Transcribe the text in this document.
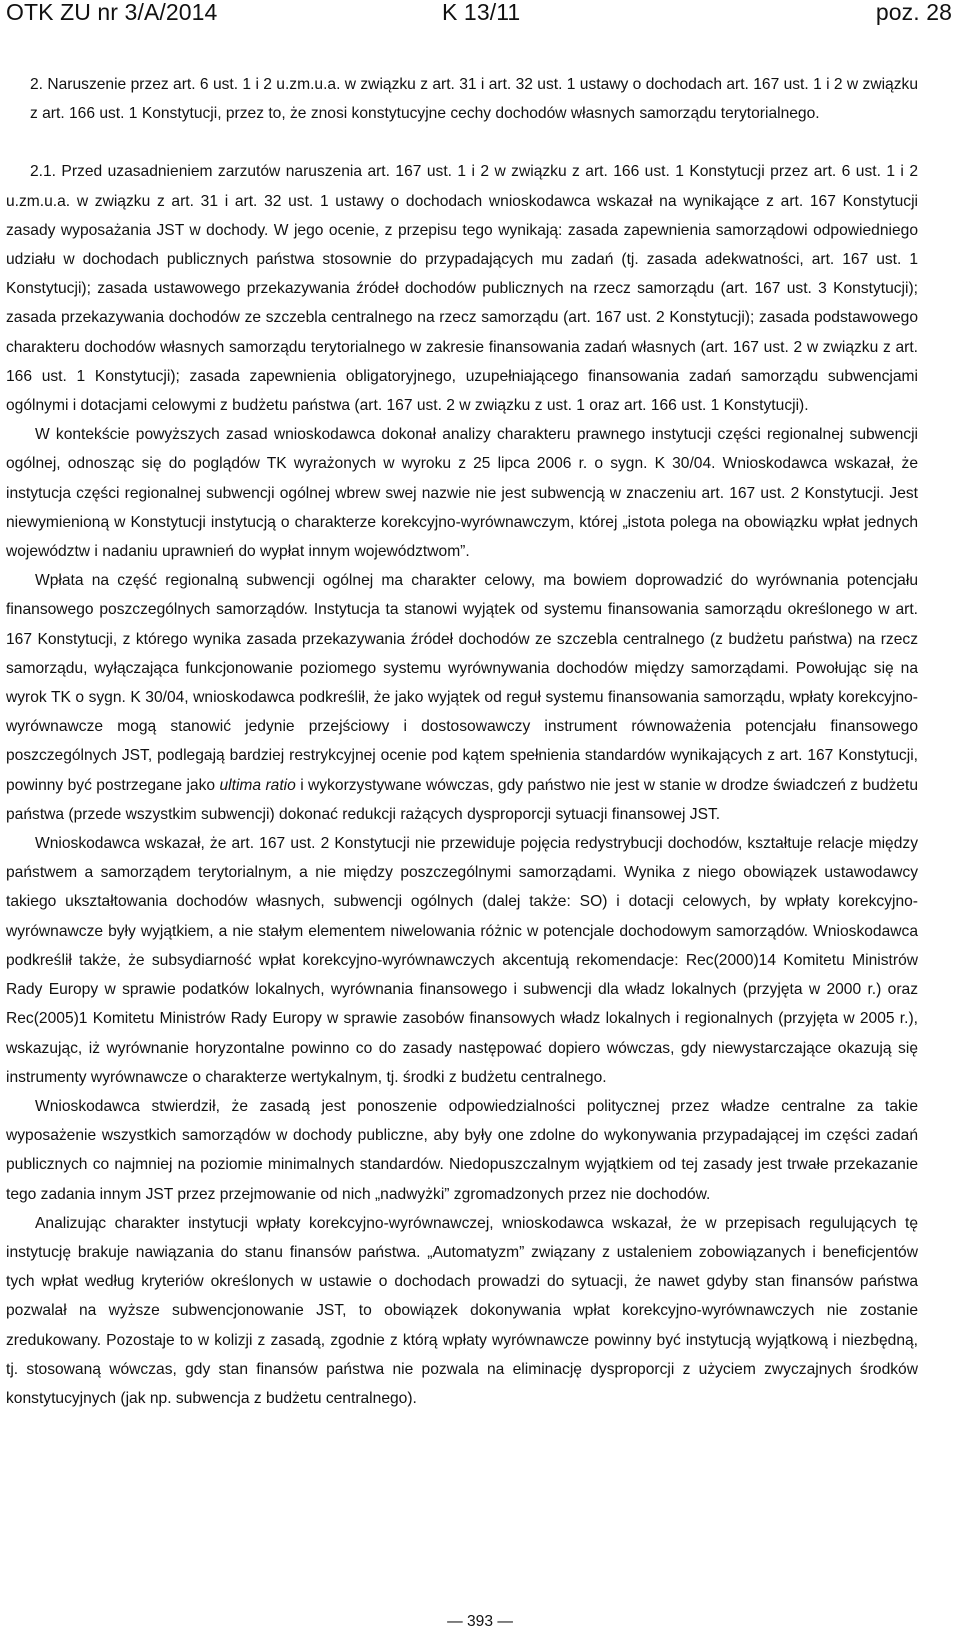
OTK ZU nr 3/A/2014	K 13/11	poz. 28

2. Naruszenie przez art. 6 ust. 1 i 2 u.zm.u.a. w związku z art. 31 i art. 32 ust. 1 ustawy o dochodach art. 167 ust. 1 i 2 w związku z art. 166 ust. 1 Konstytucji, przez to, że znosi konstytucyjne cechy dochodów własnych samorządu terytorialnego.

2.1. Przed uzasadnieniem zarzutów naruszenia art. 167 ust. 1 i 2 w związku z art. 166 ust. 1 Konstytucji przez art. 6 ust. 1 i 2 u.zm.u.a. w związku z art. 31 i art. 32 ust. 1 ustawy o dochodach wnioskodawca wskazał na wynikające z art. 167 Konstytucji zasady wyposażania JST w dochody. W jego ocenie, z przepisu tego wynikają: zasada zapewnienia samorządowi odpowiedniego udziału w dochodach publicznych państwa stosownie do przypadających mu zadań (tj. zasada adekwatności, art. 167 ust. 1 Konstytucji); zasada ustawowego przekazywania źródeł dochodów publicznych na rzecz samorządu (art. 167 ust. 3 Konstytucji); zasada przekazywania dochodów ze szczebla centralnego na rzecz samorządu (art. 167 ust. 2 Konstytucji); zasada podstawowego charakteru dochodów własnych samorządu terytorialnego w zakresie finansowania zadań własnych (art. 167 ust. 2 w związku z art. 166 ust. 1 Konstytucji); zasada zapewnienia obligatoryjnego, uzupełniającego finansowania zadań samorządu subwencjami ogólnymi i dotacjami celowymi z budżetu państwa (art. 167 ust. 2 w związku z ust. 1 oraz art. 166 ust. 1 Konstytucji).

W kontekście powyższych zasad wnioskodawca dokonał analizy charakteru prawnego instytucji części regionalnej subwencji ogólnej, odnosząc się do poglądów TK wyrażonych w wyroku z 25 lipca 2006 r. o sygn. K 30/04. Wnioskodawca wskazał, że instytucja części regionalnej subwencji ogólnej wbrew swej nazwie nie jest subwencją w znaczeniu art. 167 ust. 2 Konstytucji. Jest niewymienioną w Konstytucji instytucją o charakterze korekcyjno-wyrównawczym, której „istota polega na obowiązku wpłat jednych województw i nadaniu uprawnień do wypłat innym województwom”.

Wpłata na część regionalną subwencji ogólnej ma charakter celowy, ma bowiem doprowadzić do wyrównania potencjału finansowego poszczególnych samorządów. Instytucja ta stanowi wyjątek od systemu finansowania samorządu określonego w art. 167 Konstytucji, z którego wynika zasada przekazywania źródeł dochodów ze szczebla centralnego (z budżetu państwa) na rzecz samorządu, wyłączająca funkcjonowanie poziomego systemu wyrównywania dochodów między samorządami. Powołując się na wyrok TK o sygn. K 30/04, wnioskodawca podkreślił, że jako wyjątek od reguł systemu finansowania samorządu, wpłaty korekcyjno-wyrównawcze mogą stanowić jedynie przejściowy i dostosowawczy instrument równoważenia potencjału finansowego poszczególnych JST, podlegają bardziej restrykcyjnej ocenie pod kątem spełnienia standardów wynikających z art. 167 Konstytucji, powinny być postrzegane jako ultima ratio i wykorzystywane wówczas, gdy państwo nie jest w stanie w drodze świadczeń z budżetu państwa (przede wszystkim subwencji) dokonać redukcji rażących dysproporcji sytuacji finansowej JST.

Wnioskodawca wskazał, że art. 167 ust. 2 Konstytucji nie przewiduje pojęcia redystrybucji dochodów, kształtuje relacje między państwem a samorządem terytorialnym, a nie między poszczególnymi samorządami. Wynika z niego obowiązek ustawodawcy takiego ukształtowania dochodów własnych, subwencji ogólnych (dalej także: SO) i dotacji celowych, by wpłaty korekcyjno-wyrównawcze były wyjątkiem, a nie stałym elementem niwelowania różnic w potencjale dochodowym samorządów. Wnioskodawca podkreślił także, że subsydiarność wpłat korekcyjno-wyrównawczych akcentują rekomendacje: Rec(2000)14 Komitetu Ministrów Rady Europy w sprawie podatków lokalnych, wyrównania finansowego i subwencji dla władz lokalnych (przyjęta w 2000 r.) oraz Rec(2005)1 Komitetu Ministrów Rady Europy w sprawie zasobów finansowych władz lokalnych i regionalnych (przyjęta w 2005 r.), wskazując, iż wyrównanie horyzontalne powinno co do zasady następować dopiero wówczas, gdy niewystarczające okazują się instrumenty wyrównawcze o charakterze wertykalnym, tj. środki z budżetu centralnego.

Wnioskodawca stwierdził, że zasadą jest ponoszenie odpowiedzialności politycznej przez władze centralne za takie wyposażenie wszystkich samorządów w dochody publiczne, aby były one zdolne do wykonywania przypadającej im części zadań publicznych co najmniej na poziomie minimalnych standardów. Niedopuszczalnym wyjątkiem od tej zasady jest trwałe przekazanie tego zadania innym JST przez przejmowanie od nich „nadwyżki” zgromadzonych przez nie dochodów.

Analizując charakter instytucji wpłaty korekcyjno-wyrównawczej, wnioskodawca wskazał, że w przepisach regulujących tę instytucję brakuje nawiązania do stanu finansów państwa. „Automatyzm” związany z ustaleniem zobowiązanych i beneficjentów tych wpłat według kryteriów określonych w ustawie o dochodach prowadzi do sytuacji, że nawet gdyby stan finansów państwa pozwalał na wyższe subwencjonowanie JST, to obowiązek dokonywania wpłat korekcyjno-wyrównawczych nie zostanie zredukowany. Pozostaje to w kolizji z zasadą, zgodnie z którą wpłaty wyrównawcze powinny być instytucją wyjątkową i niezbędną, tj. stosowaną wówczas, gdy stan finansów państwa nie pozwala na eliminację dysproporcji z użyciem zwyczajnych środków konstytucyjnych (jak np. subwencja z budżetu centralnego).

— 393 —
